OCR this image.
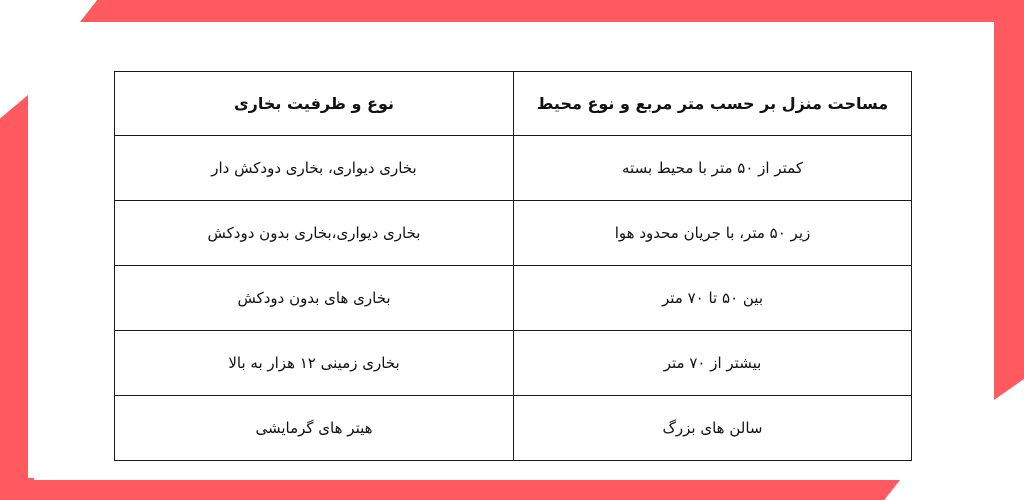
مساحت منزل بر حسب متر مربع و نوع محیط	نوع و ظرفیت بخاری
کمتر از ۵۰ متر با محیط بسته	بخاری دیواری، بخاری دودکش دار
زیر ۵۰ متر، با جریان محدود هوا	بخاری دیواری،بخاری بدون دودکش
بین ۵۰ تا ۷۰ متر	بخاری های بدون دودکش
بیشتر از ۷۰ متر	بخاری زمینی ۱۲ هزار به بالا
سالن های بزرگ	هیتر های گرمایشی
